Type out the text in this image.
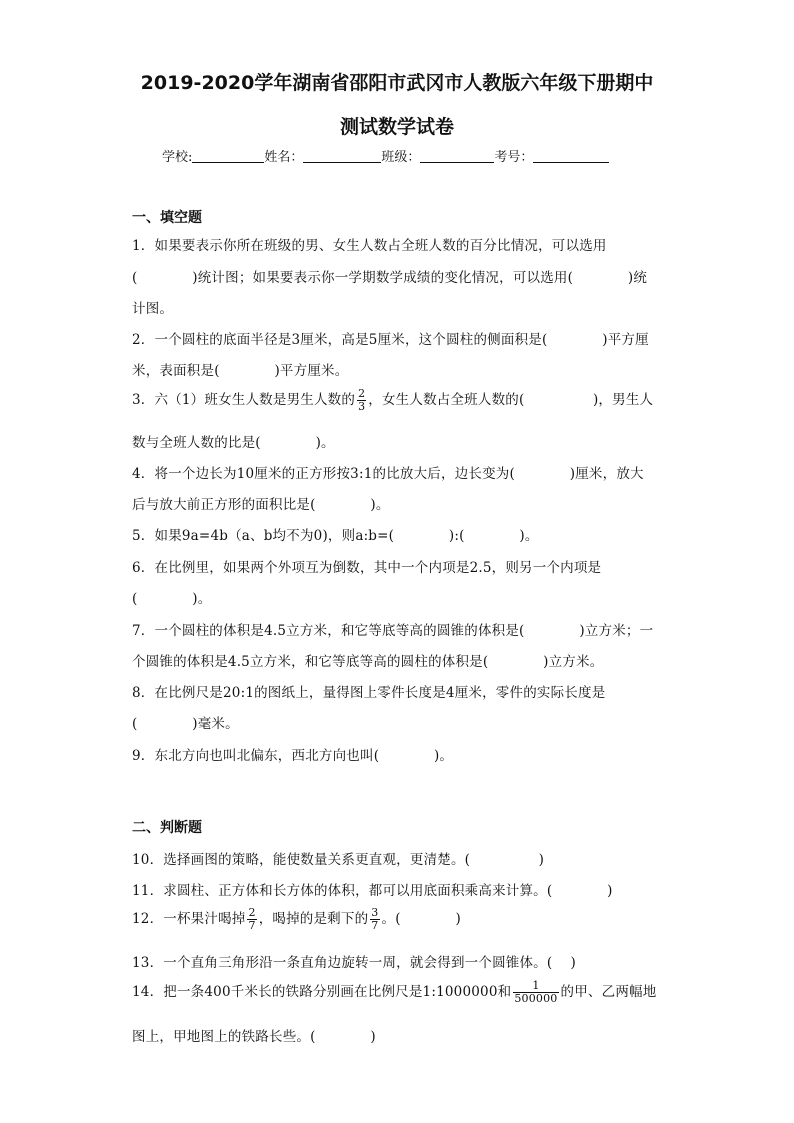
2019-2020学年湖南省邵阳市武冈市人教版六年级下册期中
测试数学试卷
学校:	姓名：	班级：	考号：
一、填空题
1．如果要表示你所在班级的男、女生人数占全班人数的百分比情况，可以选用
(　　　　)统计图；如果要表示你一学期数学成绩的变化情况，可以选用(　　　　)统
计图。
2．一个圆柱的底面半径是3厘米，高是5厘米，这个圆柱的侧面积是(　　　　)平方厘
米，表面积是(　　　　)平方厘米。
3．六（1）班女生人数是男生人数的 $\frac{2}{3}$ ，女生人数占全班人数的(　　　　　)，男生人
数与全班人数的比是(　　　　)。
4．将一个边长为10厘米的正方形按3:1的比放大后，边长变为(　　　　)厘米，放大
后与放大前正方形的面积比是(　　　　)。
5．如果9a=4b（a、b均不为0)，则a:b=(　　　　):(　　　　)。
6．在比例里，如果两个外项互为倒数，其中一个内项是2.5，则另一个内项是
(　　　　)。
7．一个圆柱的体积是4.5立方米，和它等底等高的圆锥的体积是(　　　　)立方米；一
个圆锥的体积是4.5立方米，和它等底等高的圆柱的体积是(　　　　)立方米。
8．在比例尺是20:1的图纸上，量得图上零件长度是4厘米，零件的实际长度是
(　　　　)毫米。
9．东北方向也叫北偏东，西北方向也叫(　　　　)。
二、判断题
10．选择画图的策略，能使数量关系更直观，更清楚。(　　　　　)
11．求圆柱、正方体和长方体的体积，都可以用底面积乘高来计算。(　　　　)
12．一杯果汁喝掉 $\frac{2}{7}$ ，喝掉的是剩下的 $\frac{3}{7}$ 。(　　　　)
13．一个直角三角形沿一条直角边旋转一周，就会得到一个圆锥体。(　 )
14．把一条400千米长的铁路分别画在比例尺是1:1000000和 $\frac{1}{500000}$ 的甲、乙两幅地
图上，甲地图上的铁路长些。(　　　　)
